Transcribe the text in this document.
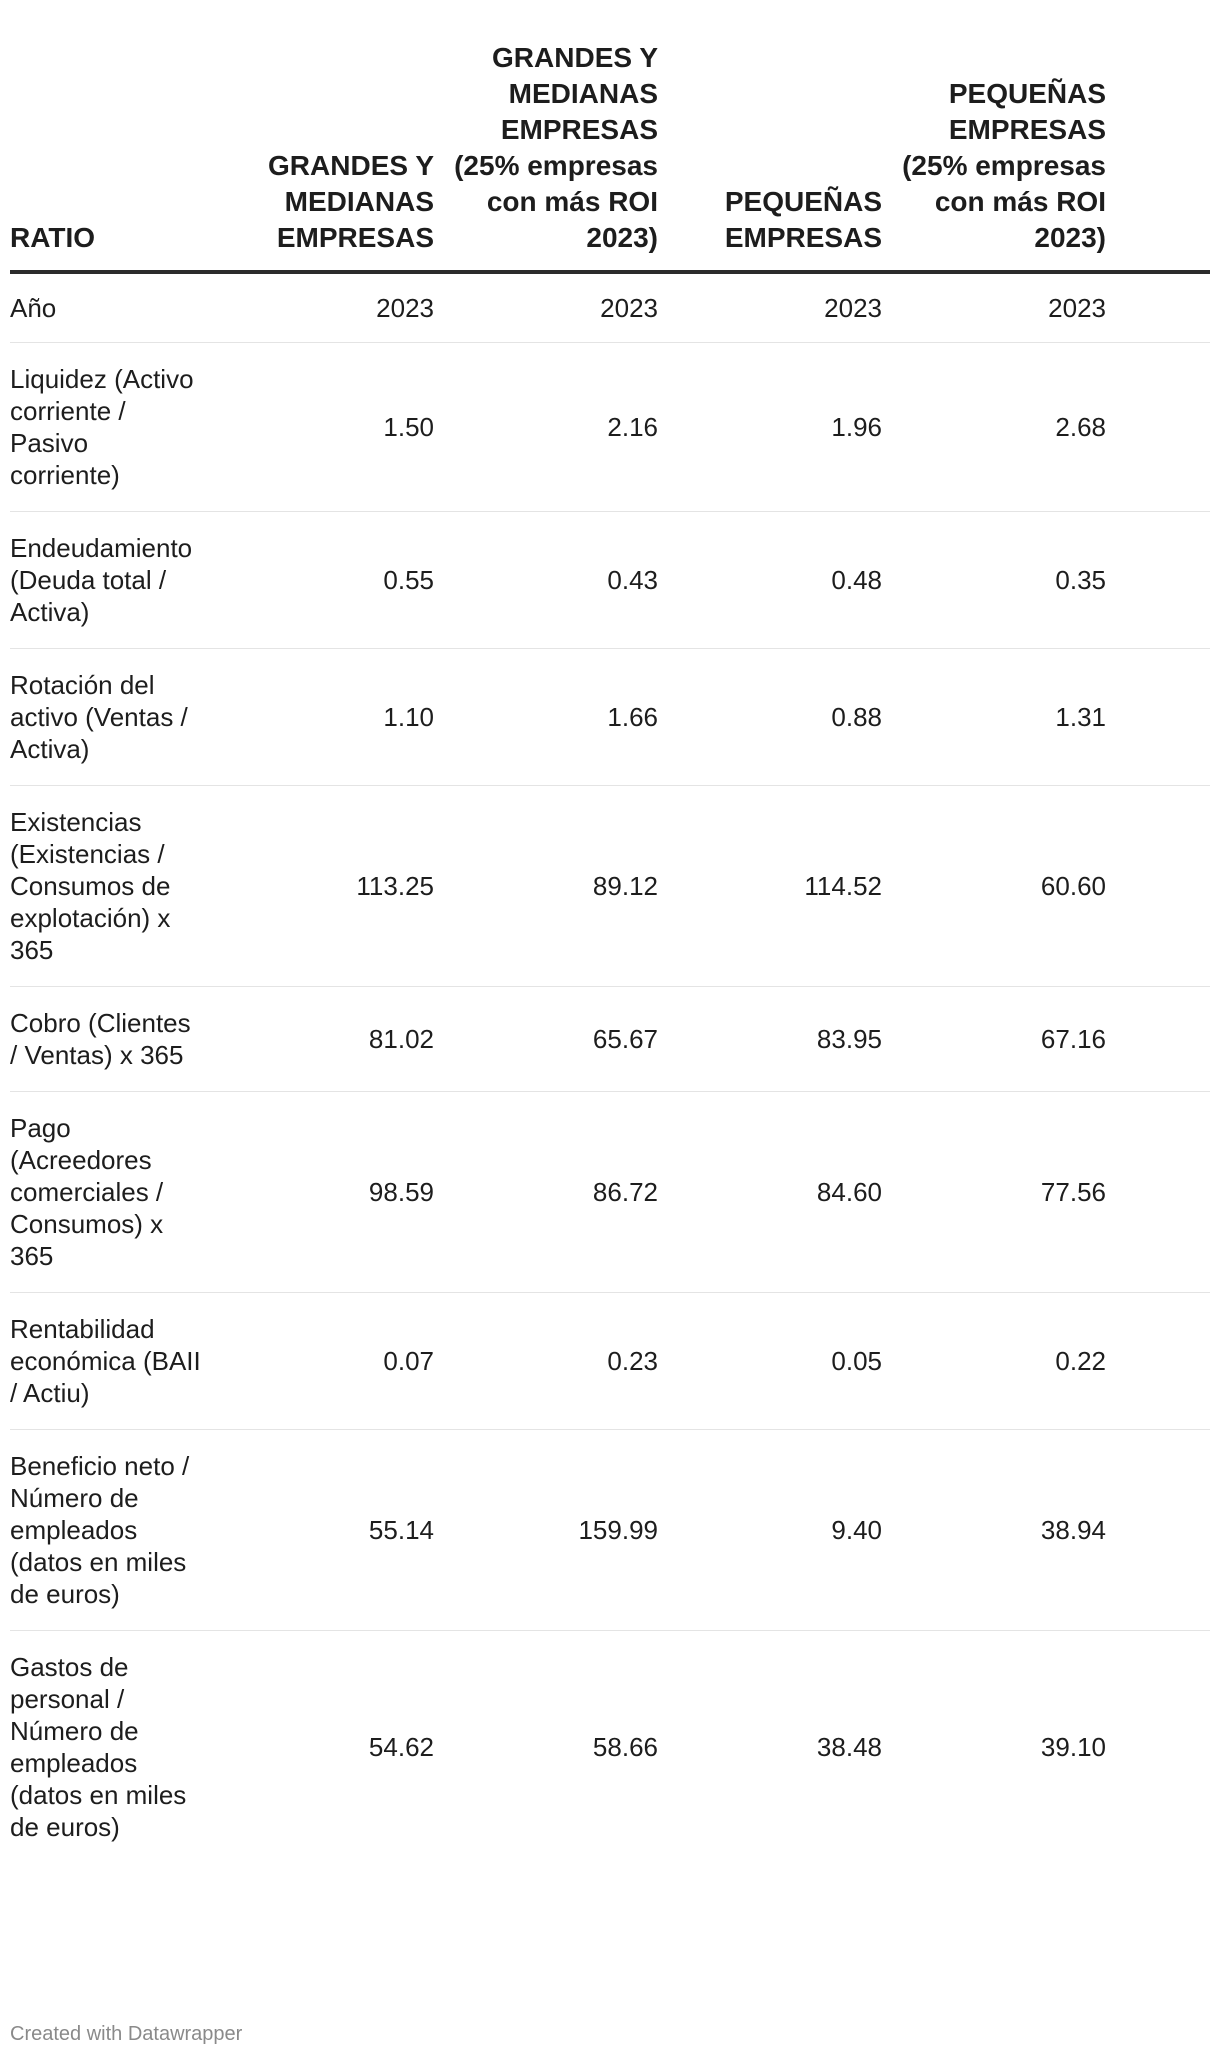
RATIO	GRANDES Y MEDIANAS EMPRESAS	GRANDES Y MEDIANAS EMPRESAS (25% empresas con más ROI 2023)	PEQUEÑAS EMPRESAS	PEQUEÑAS EMPRESAS (25% empresas con más ROI 2023)	
Año	2023	2023	2023	2023	
Liquidez (Activo corriente / Pasivo corriente)	1.50	2.16	1.96	2.68	
Endeudamiento (Deuda total / Activa)	0.55	0.43	0.48	0.35	
Rotación del activo (Ventas / Activa)	1.10	1.66	0.88	1.31	
Existencias (Existencias / Consumos de explotación) x 365	113.25	89.12	114.52	60.60	
Cobro (Clientes / Ventas) x 365	81.02	65.67	83.95	67.16	
Pago (Acreedores comerciales / Consumos) x 365	98.59	86.72	84.60	77.56	
Rentabilidad económica (BAII / Actiu)	0.07	0.23	0.05	0.22	
Beneficio neto / Número de empleados (datos en miles de euros)	55.14	159.99	9.40	38.94	
Gastos de personal / Número de empleados (datos en miles de euros)	54.62	58.66	38.48	39.10	
Created with Datawrapper
